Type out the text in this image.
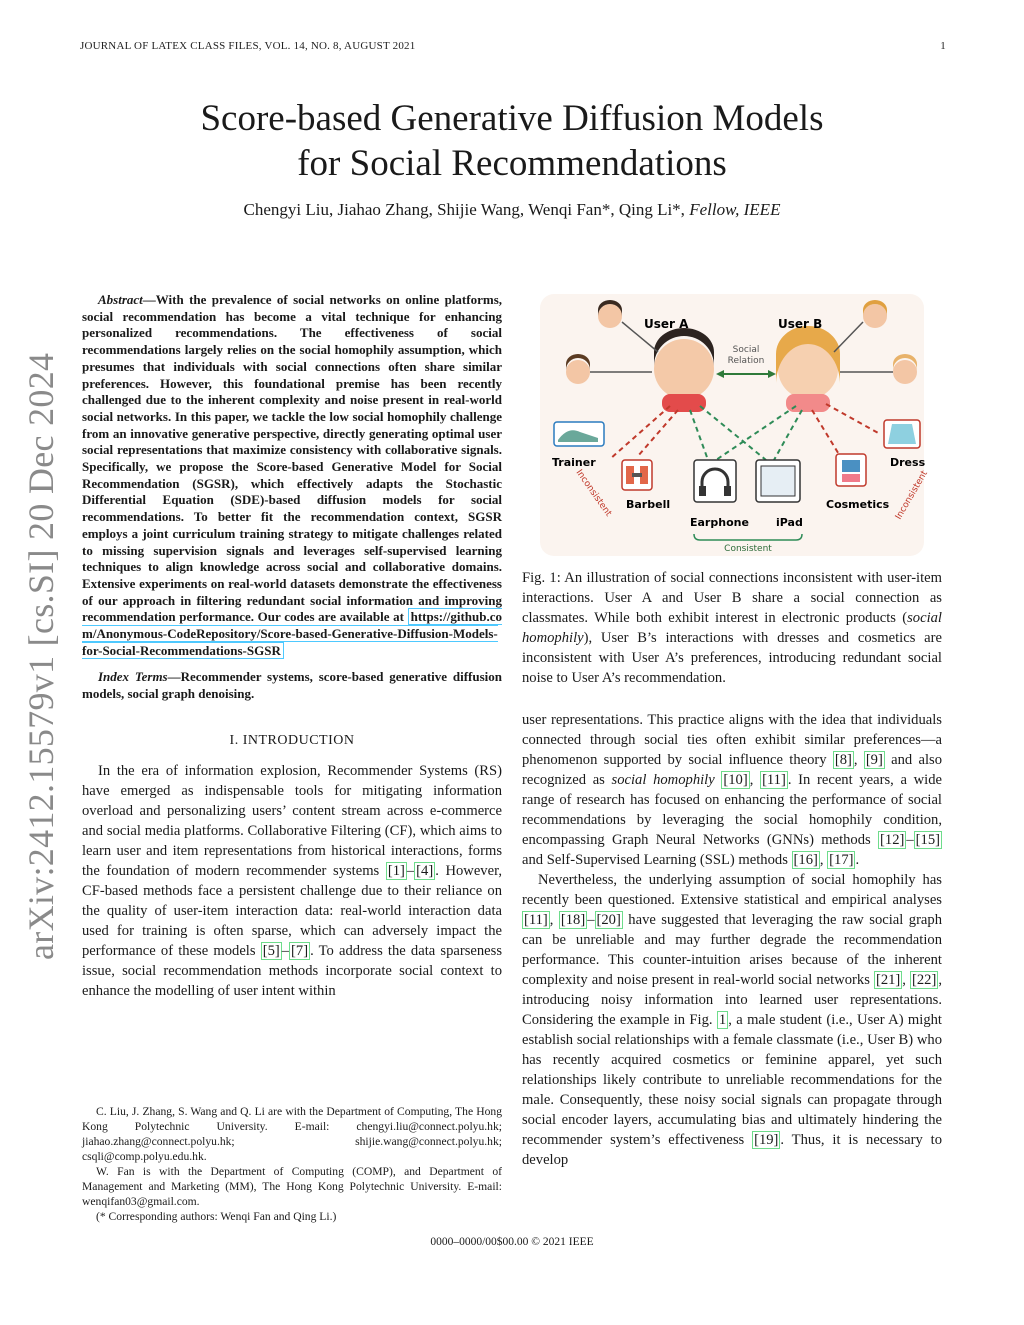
JOURNAL OF LATEX CLASS FILES, VOL. 14, NO. 8, AUGUST 2021	1
arXiv:2412.15579v1 [cs.SI] 20 Dec 2024
Score-based Generative Diffusion Models
for Social Recommendations
Chengyi Liu, Jiahao Zhang, Shijie Wang, Wenqi Fan*, Qing Li*, Fellow, IEEE
Abstract—With the prevalence of social networks on online platforms, social recommendation has become a vital technique for enhancing personalized recommendations. The effectiveness of social recommendations largely relies on the social homophily assumption, which presumes that individuals with social connections often share similar preferences. However, this foundational premise has been recently challenged due to the inherent complexity and noise present in real-world social networks. In this paper, we tackle the low social homophily challenge from an innovative generative perspective, directly generating optimal user social representations that maximize consistency with collaborative signals. Specifically, we propose the Score-based Generative Model for Social Recommendation (SGSR), which effectively adapts the Stochastic Differential Equation (SDE)-based diffusion models for social recommendations. To better fit the recommendation context, SGSR employs a joint curriculum training strategy to mitigate challenges related to missing supervision signals and leverages self-supervised learning techniques to align knowledge across social and collaborative domains. Extensive experiments on real-world datasets demonstrate the effectiveness of our approach in filtering redundant social information and improving recommendation performance. Our codes are available at https://github.com/Anonymous-CodeRepository/Score-based-Generative-Diffusion-Models-for-Social-Recommendations-SGSR
Index Terms—Recommender systems, score-based generative diffusion models, social graph denoising.
I. INTRODUCTION

In the era of information explosion, Recommender Systems (RS) have emerged as indispensable tools for mitigating information overload and personalizing users’ content stream across e-commerce and social media platforms. Collaborative Filtering (CF), which aims to learn user and item representations from historical interactions, forms the foundation of modern recommender systems [1] – [4] . However, CF-based methods face a persistent challenge due to their reliance on the quality of user-item interaction data: real-world interaction data used for training is often sparse, which can adversely impact the performance of these models [5] – [7] . To address the data sparseness issue, social recommendation methods incorporate social context to enhance the modelling of user intent within

C. Liu, J. Zhang, S. Wang and Q. Li are with the Department of Computing, The Hong Kong Polytechnic University. E-mail: chengyi.liu@connect.polyu.hk; jiahao.zhang@connect.polyu.hk; shijie.wang@connect.polyu.hk; csqli@comp.polyu.edu.hk.

W. Fan is with the Department of Computing (COMP), and Department of Management and Marketing (MM), The Hong Kong Polytechnic University. E-mail: wenqifan03@gmail.com.

(* Corresponding authors: Wenqi Fan and Qing Li.)

User A	User B
Social
Relation
Trainer
Barbell
Earphone iPad
Cosmetics
Dress
Inconsistent	Inconsistent
Consistent
Fig. 1: An illustration of social connections inconsistent with user-item interactions. User A and User B share a social connection as classmates. While both exhibit interest in electronic products (social homophily), User B’s interactions with dresses and cosmetics are inconsistent with User A’s preferences, introducing redundant social noise to User A’s recommendation.

user representations. This practice aligns with the idea that individuals connected through social ties often exhibit similar preferences—a phenomenon supported by social influence theory [8] , [9] and also recognized as social homophily [10] , [11] . In recent years, a wide range of research has focused on enhancing the performance of social recommendations by leveraging the social homophily condition, encompassing Graph Neural Networks (GNNs) methods [12] – [15] and Self-Supervised Learning (SSL) methods [16] , [17] .

Nevertheless, the underlying assumption of social homophily has recently been questioned. Extensive statistical and empirical analyses [11] , [18] – [20] have suggested that leveraging the raw social graph can be unreliable and may further degrade the recommendation performance. This counter-intuition arises because of the inherent complexity and noise present in real-world social networks [21] , [22] , introducing noisy information into learned user representations. Considering the example in Fig. 1 , a male student (i.e., User A) might establish social relationships with a female classmate (i.e., User B) who has recently acquired cosmetics or feminine apparel, yet such relationships likely contribute to unreliable recommendations for the male. Consequently, these noisy social signals can propagate through social encoder layers, accumulating bias and ultimately hindering the recommender system’s effectiveness [19] . Thus, it is necessary to develop

0000–0000/00$00.00 © 2021 IEEE
